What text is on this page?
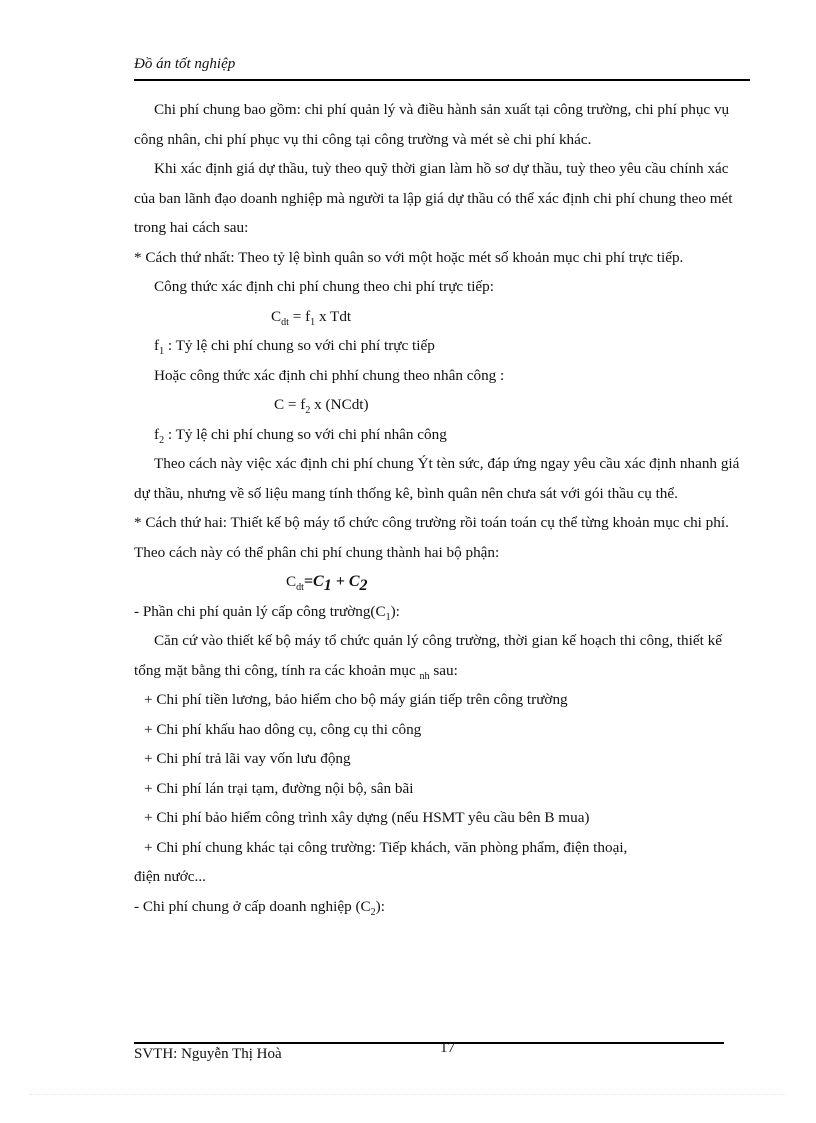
Đồ án tốt nghiệp

Chi phí chung bao gồm: chi phí quản lý và điều hành sản xuất tại công trường, chi phí phục vụ công nhân, chi phí phục vụ thi công tại công trường và mét sè chi phí khác.

Khi xác định giá dự thầu, tuỳ theo quỹ thời gian làm hồ sơ dự thầu, tuỳ theo yêu cầu chính xác của ban lãnh đạo doanh nghiệp mà người ta lập giá dự thầu có thể xác định chi phí chung theo mét trong hai cách sau:

* Cách thứ nhất: Theo tỷ lệ bình quân so với một hoặc mét số khoản mục chi phí trực tiếp.

Công thức xác định chi phí chung theo chi phí trực tiếp:

$C_{dt} = f_1$ x Tdt

$f_1$ : Tỷ lệ chi phí chung so với chi phí trực tiếp

Hoặc công thức xác định chi phhí chung theo nhân công :

$C = f_2$ x (NCdt)

$f_2$ : Tỷ lệ chi phí chung so với chi phí nhân công

Theo cách này việc xác định chi phí chung Ýt tèn sức, đáp ứng ngay yêu cầu xác định nhanh giá dự thầu, nhưng về số liệu mang tính thống kê, bình quân nên chưa sát với gói thầu cụ thể.

* Cách thứ hai: Thiết kế bộ máy tổ chức công trường rồi toán toán cụ thể từng khoản mục chi phí. Theo cách này có thể phân chi phí chung thành hai bộ phận:

$C_{dt}=C_1 + C_2$

- Phần chi phí quản lý cấp công $trường(C_1)$:

Căn cứ vào thiết kế bộ máy tổ chức quản lý công trường, thời gian kế hoạch thi công, thiết kế tổng mặt bằng thi công, tính ra các khoản mục $_{nh}$ sau:

+ Chi phí tiền lương, bảo hiểm cho bộ máy gián tiếp trên công trường

+ Chi phí khấu hao dông cụ, công cụ thi công

+ Chi phí trả lãi vay vốn lưu động

+ Chi phí lán trại tạm, đường nội bộ, sân bãi

+ Chi phí bảo hiểm công trình xây dựng (nếu HSMT yêu cầu bên B mua)

+ Chi phí chung khác tại công trường: Tiếp khách, văn phòng phẩm, điện thoại,

điện nước...

- Chi phí chung ở cấp doanh nghiệp $(C_2)$:

SVTH: Nguyễn Thị Hoà	17
